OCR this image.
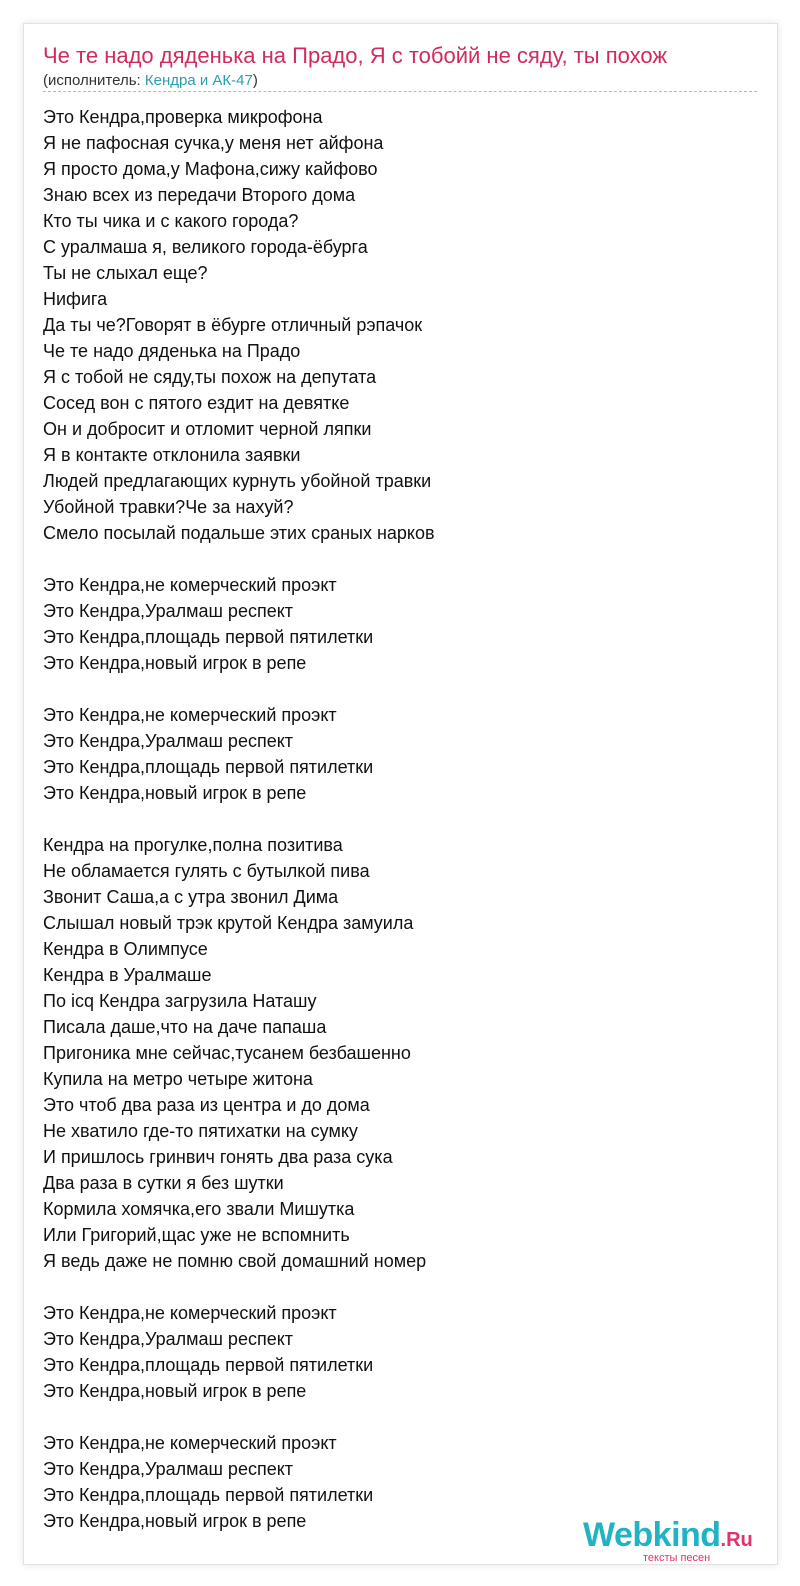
Че те надо дяденька на Прадо, Я с тобойй не сяду, ты похож
(исполнитель: Кендра и АК-47)
Это Кендра,проверка микрофона
Я не пафосная сучка,у меня нет айфона
Я просто дома,у Мафона,сижу кайфово
Знаю всех из передачи Второго дома
Кто ты чика и с какого города?
С уралмаша я, великого города-ёбурга
Ты не слыхал еще?
Нифига
Да ты че?Говорят в ёбурге отличный рэпачок
Че те надо дяденька на Прадо
Я с тобой не сяду,ты похож на депутата
Сосед вон с пятого ездит на девятке
Он и добросит и отломит черной ляпки
Я в контакте отклонила заявки
Людей предлагающих курнуть убойной травки
Убойной травки?Че за нахуй?
Смело посылай подальше этих сраных нарков

Это Кендра,не комерческий проэкт
Это Кендра,Уралмаш респект
Это Кендра,площадь первой пятилетки
Это Кендра,новый игрок в репе

Это Кендра,не комерческий проэкт
Это Кендра,Уралмаш респект
Это Кендра,площадь первой пятилетки
Это Кендра,новый игрок в репе

Кендра на прогулке,полна позитива
Не обламается гулять с бутылкой пива
Звонит Саша,а с утра звонил Дима
Слышал новый трэк крутой Кендра замуила
Кендра в Олимпусе
Кендра в Уралмаше
По icq Кендра загрузила Наташу
Писала даше,что на даче папаша
Пригоника мне сейчас,тусанем безбашенно
Купила на метро четыре житона
Это чтоб два раза из центра и до дома
Не хватило где-то пятихатки на сумку
И пришлось гринвич гонять два раза сука
Два раза в сутки я без шутки
Кормила хомячка,его звали Мишутка
Или Григорий,щас уже не вспомнить
Я ведь даже не помню свой домашний номер

Это Кендра,не комерческий проэкт
Это Кендра,Уралмаш респект
Это Кендра,площадь первой пятилетки
Это Кендра,новый игрок в репе

Это Кендра,не комерческий проэкт
Это Кендра,Уралмаш респект
Это Кендра,площадь первой пятилетки
Это Кендра,новый игрок в репе	Webkind.Ru
тексты песен
